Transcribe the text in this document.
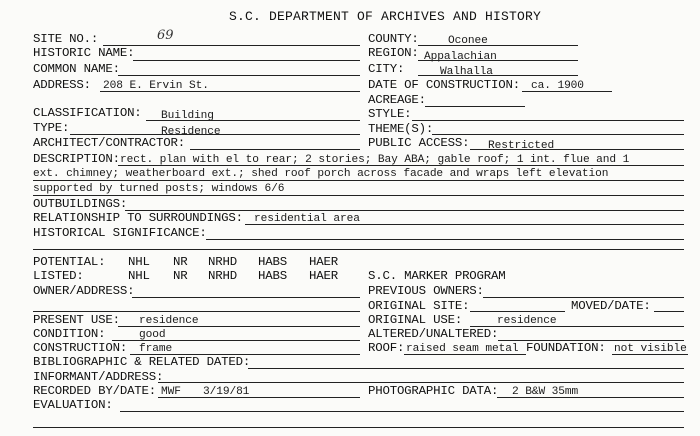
S.C. DEPARTMENT OF ARCHIVES AND HISTORY
SITE NO.:	69
HISTORIC NAME:
COMMON NAME:
ADDRESS: 208 E. Ervin St.
COUNTY:	Oconee
REGION: Appalachian
CITY:	Walhalla
DATE OF CONSTRUCTION: ca. 1900
ACREAGE:
CLASSIFICATION: Building
TYPE:	Residence
ARCHITECT/CONTRACTOR:
STYLE:
THEME(S):
PUBLIC ACCESS: Restricted
DESCRIPTION: rect. plan with el to rear; 2 stories; Bay ABA; gable roof; 1 int. flue and 1
ext. chimney; weatherboard ext.; shed roof porch across facade and wraps left elevation
supported by turned posts; windows 6/6
OUTBUILDINGS:
RELATIONSHIP TO SURROUNDINGS: residential area
HISTORICAL SIGNIFICANCE:
POTENTIAL: NHL NR NRHD HABS HAER
LISTED:	NHL NR NRHD HABS HAER S.C. MARKER PROGRAM
OWNER/ADDRESS:	PREVIOUS OWNERS:
ORIGINAL SITE:	MOVED/DATE:
PRESENT USE: residence
CONDITION:	good
CONSTRUCTION: frame
ORIGINAL USE:	residence
ALTERED/UNALTERED:
ROOF: raised seam metal FOUNDATION: not visible
BIBLIOGRAPHIC & RELATED DATED:
INFORMANT/ADDRESS:
RECORDED BY/DATE: MWF 3/19/81	PHOTOGRAPHIC DATA: 2 B&W 35mm
EVALUATION:
